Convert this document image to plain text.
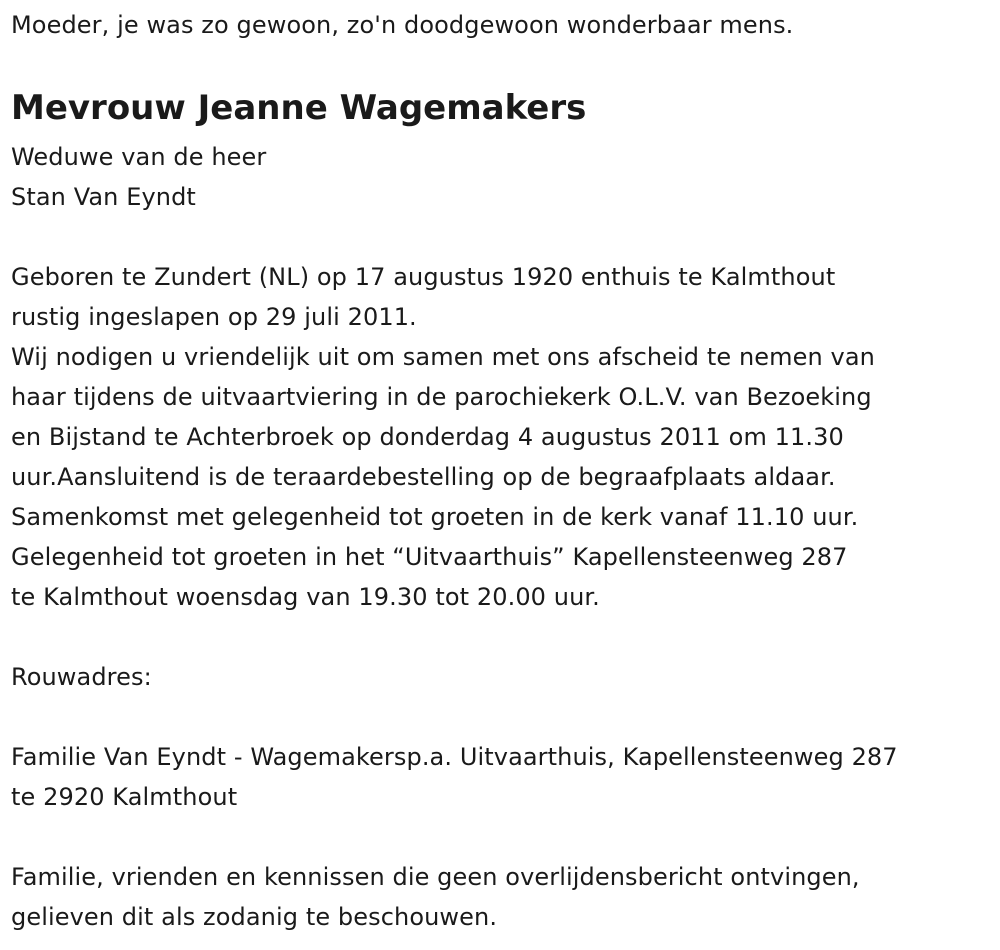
Moeder, je was zo gewoon, zo'n doodgewoon wonderbaar mens.
Mevrouw Jeanne Wagemakers
Weduwe van de heer
Stan Van Eyndt
Geboren te Zundert (NL) op 17 augustus 1920 enthuis te Kalmthout
rustig ingeslapen op 29 juli 2011.
Wij nodigen u vriendelijk uit om samen met ons afscheid te nemen van
haar tijdens de uitvaartviering in de parochiekerk O.L.V. van Bezoeking
en Bijstand te Achterbroek op donderdag 4 augustus 2011 om 11.30
uur.Aansluitend is de teraardebestelling op de begraafplaats aldaar.
Samenkomst met gelegenheid tot groeten in de kerk vanaf 11.10 uur.
Gelegenheid tot groeten in het “Uitvaarthuis” Kapellensteenweg 287
te Kalmthout woensdag van 19.30 tot 20.00 uur.
Rouwadres:
Familie Van Eyndt - Wagemakersp.a. Uitvaarthuis, Kapellensteenweg 287
te 2920 Kalmthout
Familie, vrienden en kennissen die geen overlijdensbericht ontvingen,
gelieven dit als zodanig te beschouwen.
